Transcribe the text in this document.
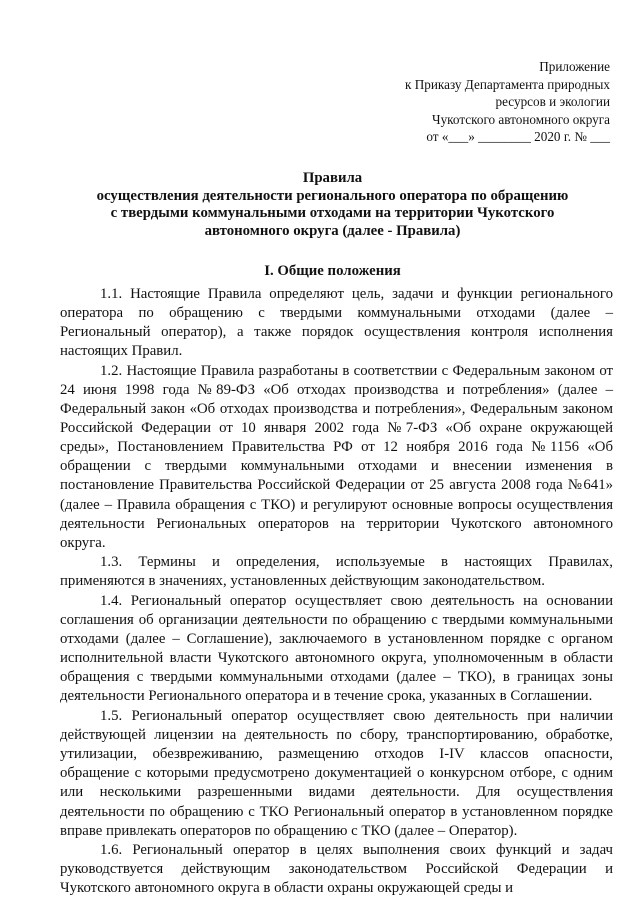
Приложение
к Приказу Департамента природных
ресурсов и экологии
Чукотского автономного округа
от «___» ________ 2020 г. № ___
Правила
осуществления деятельности регионального оператора по обращению
с твердыми коммунальными отходами на территории Чукотского
автономного округа (далее - Правила)
I. Общие положения

1.1. Настоящие Правила определяют цель, задачи и функции регионального оператора по обращению с твердыми коммунальными отходами (далее – Региональный оператор), а также порядок осуществления контроля исполнения настоящих Правил.

1.2. Настоящие Правила разработаны в соответствии с Федеральным законом от 24 июня 1998 года №89-ФЗ «Об отходах производства и потребления» (далее – Федеральный закон «Об отходах производства и потребления», Федеральным законом Российской Федерации от 10 января 2002 года №7-ФЗ «Об охране окружающей среды», Постановлением Правительства РФ от 12 ноября 2016 года №1156 «Об обращении с твердыми коммунальными отходами и внесении изменения в постановление Правительства Российской Федерации от 25 августа 2008 года №641» (далее – Правила обращения с ТКО) и регулируют основные вопросы осуществления деятельности Региональных операторов на территории Чукотского автономного округа.

1.3. Термины и определения, используемые в настоящих Правилах, применяются в значениях, установленных действующим законодательством.

1.4. Региональный оператор осуществляет свою деятельность на основании соглашения об организации деятельности по обращению с твердыми коммунальными отходами (далее – Соглашение), заключаемого в установленном порядке с органом исполнительной власти Чукотского автономного округа, уполномоченным в области обращения с твердыми коммунальными отходами (далее – ТКО), в границах зоны деятельности Регионального оператора и в течение срока, указанных в Соглашении.

1.5. Региональный оператор осуществляет свою деятельность при наличии действующей лицензии на деятельность по сбору, транспортированию, обработке, утилизации, обезвреживанию, размещению отходов I-IV классов опасности, обращение с которыми предусмотрено документацией о конкурсном отборе, с одним или несколькими разрешенными видами деятельности. Для осуществления деятельности по обращению с ТКО Региональный оператор в установленном порядке вправе привлекать операторов по обращению с ТКО (далее – Оператор).

1.6. Региональный оператор в целях выполнения своих функций и задач руководствуется действующим законодательством Российской Федерации и Чукотского автономного округа в области охраны окружающей среды и
